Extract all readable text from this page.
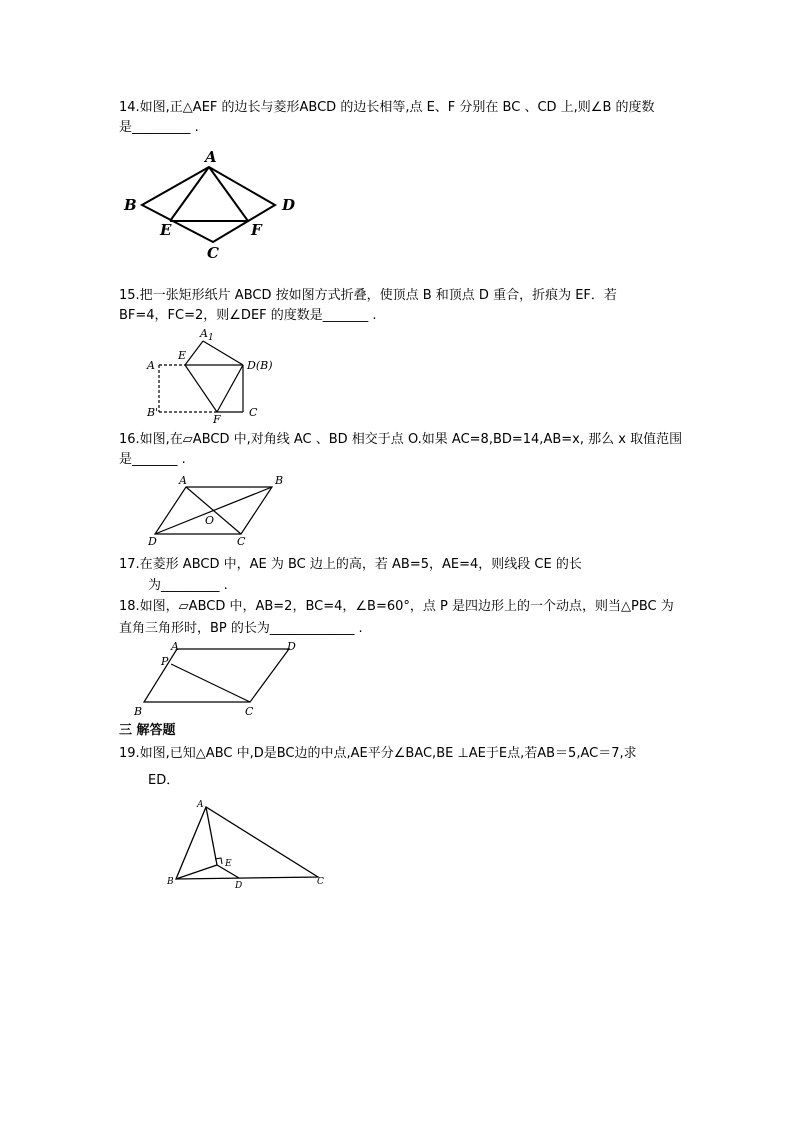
14.如图,正△AEF 的边长与菱形ABCD 的边长相等,点 E、F 分别在 BC 、CD 上,则∠B 的度数
是_________ .
A
B
E
C
F
D
15.把一张矩形纸片 ABCD 按如图方式折叠，使顶点 B 和顶点 D 重合，折痕为 EF．若
BF=4，FC=2，则∠DEF 的度数是_______ .
$A_1$
A
E
D(B)
B'
F
C
16.如图,在▱ABCD 中,对角线 AC 、BD 相交于点 O.如果 AC=8,BD=14,AB=x, 那么 x 取值范围
是_______ .
A	B
O
D	C
17.在菱形 ABCD 中，AE 为 BC 边上的高，若 AB=5，AE=4，则线段 CE 的长
为_________ .
18.如图，▱ABCD 中，AB=2，BC=4，∠B=60°，点 P 是四边形上的一个动点，则当△PBC 为
直角三角形时，BP 的长为_____________ .
A	D
P
B	C
三 解答题
19.如图,已知△ABC 中,D是BC边的中点,AE平分∠BAC,BE ⊥AE于E点,若AB＝5,AC＝7,求
ED．
A
B
E
D	C
